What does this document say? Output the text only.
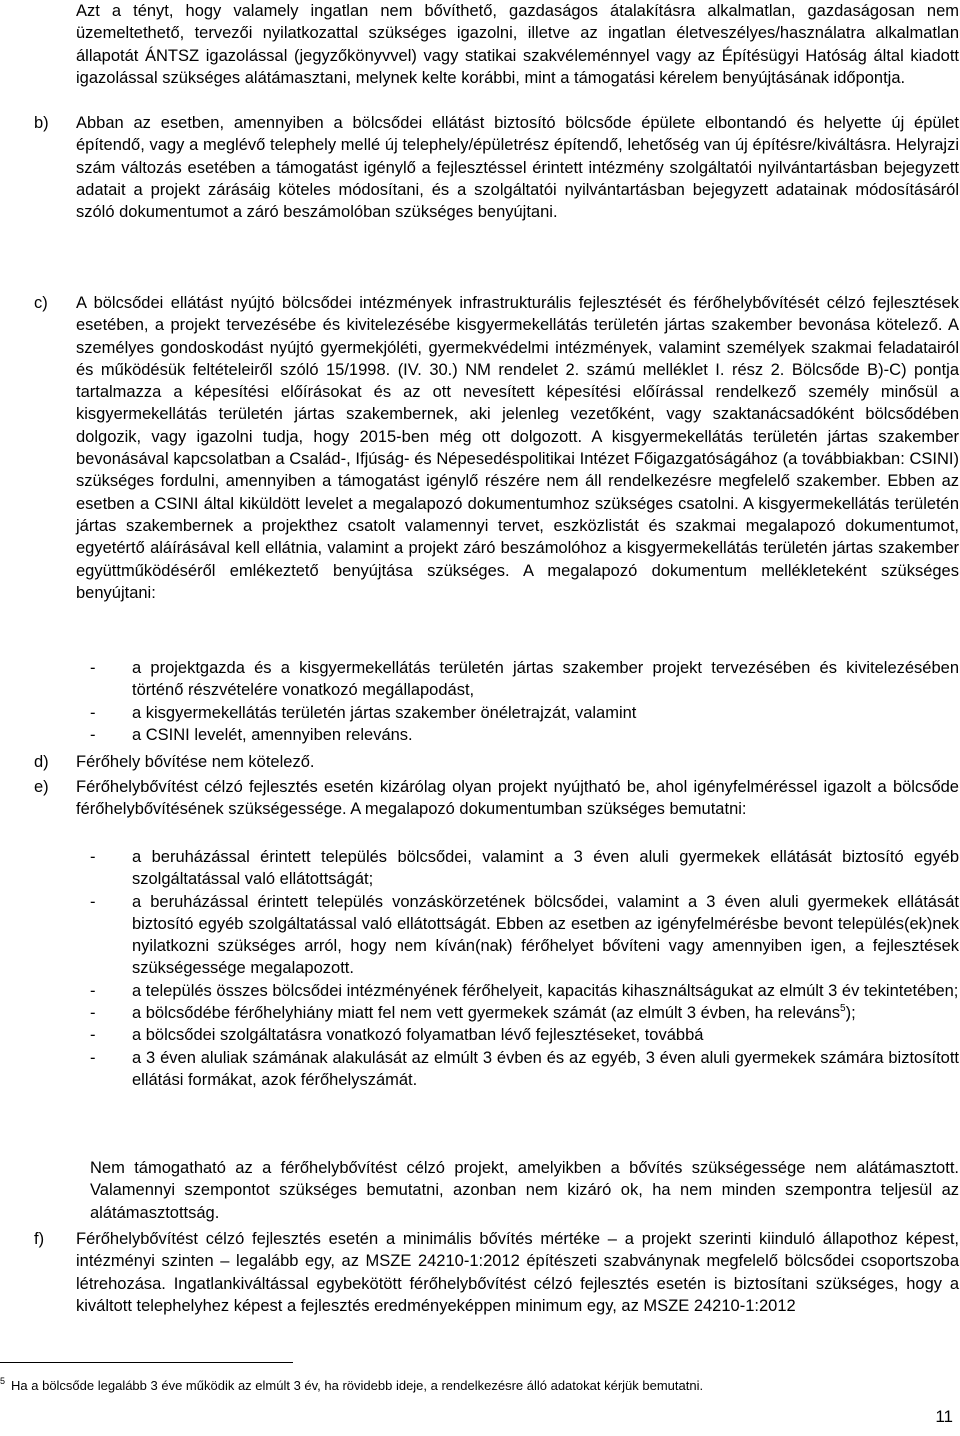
Azt a tényt, hogy valamely ingatlan nem bővíthető, gazdaságos átalakításra alkalmatlan, gazdaságosan nem üzemeltethető, tervezői nyilatkozattal szükséges igazolni, illetve az ingatlan életveszélyes/használatra alkalmatlan állapotát ÁNTSZ igazolással (jegyzőkönyvvel) vagy statikai szakvéleménnyel vagy az Építésügyi Hatóság által kiadott igazolással szükséges alátámasztani, melynek kelte korábbi, mint a támogatási kérelem benyújtásának időpontja.
b)	Abban az esetben, amennyiben a bölcsődei ellátást biztosító bölcsőde épülete elbontandó és helyette új épület építendő, vagy a meglévő telephely mellé új telephely/épületrész építendő, lehetőség van új építésre/kiváltásra. Helyrajzi szám változás esetében a támogatást igénylő a fejlesztéssel érintett intézmény szolgáltatói nyilvántartásban bejegyzett adatait a projekt zárásáig köteles módosítani, és a szolgáltatói nyilvántartásban bejegyzett adatainak módosításáról szóló dokumentumot a záró beszámolóban szükséges benyújtani.
c)	A bölcsődei ellátást nyújtó bölcsődei intézmények infrastrukturális fejlesztését és férőhelybővítését célzó fejlesztések esetében, a projekt tervezésébe és kivitelezésébe kisgyermekellátás területén jártas szakember bevonása kötelező. A személyes gondoskodást nyújtó gyermekjóléti, gyermekvédelmi intézmények, valamint személyek szakmai feladatairól és működésük feltételeiről szóló 15/1998. (IV. 30.) NM rendelet 2. számú melléklet I. rész 2. Bölcsőde B)-C) pontja tartalmazza a képesítési előírásokat és az ott nevesített képesítési előírással rendelkező személy minősül a kisgyermekellátás területén jártas szakembernek, aki jelenleg vezetőként, vagy szaktanácsadóként bölcsődében dolgozik, vagy igazolni tudja, hogy 2015-ben még ott dolgozott. A kisgyermekellátás területén jártas szakember bevonásával kapcsolatban a Család-, Ifjúság- és Népesedéspolitikai Intézet Főigazgatóságához (a továbbiakban: CSINI) szükséges fordulni, amennyiben a támogatást igénylő részére nem áll rendelkezésre megfelelő szakember. Ebben az esetben a CSINI által kiküldött levelet a megalapozó dokumentumhoz szükséges csatolni. A kisgyermekellátás területén jártas szakembernek a projekthez csatolt valamennyi tervet, eszközlistát és szakmai megalapozó dokumentumot, egyetértő aláírásával kell ellátnia, valamint a projekt záró beszámolóhoz a kisgyermekellátás területén jártas szakember együttműködéséről emlékeztető benyújtása szükséges. A megalapozó dokumentum mellékleteként szükséges benyújtani:
- a projektgazda és a kisgyermekellátás területén jártas szakember projekt tervezésében és kivitelezésében történő részvételére vonatkozó megállapodást,
- a kisgyermekellátás területén jártas szakember önéletrajzát, valamint
- a CSINI levelét, amennyiben releváns.
d)	Férőhely bővítése nem kötelező.
e)	Férőhelybővítést célzó fejlesztés esetén kizárólag olyan projekt nyújtható be, ahol igényfelméréssel igazolt a bölcsőde férőhelybővítésének szükségessége. A megalapozó dokumentumban szükséges bemutatni:
- a beruházással érintett település bölcsődei, valamint a 3 éven aluli gyermekek ellátását biztosító egyéb szolgáltatással való ellátottságát;
- a beruházással érintett település vonzáskörzetének bölcsődei, valamint a 3 éven aluli gyermekek ellátását biztosító egyéb szolgáltatással való ellátottságát. Ebben az esetben az igényfelmérésbe bevont település(ek)nek nyilatkozni szükséges arról, hogy nem kíván(nak) férőhelyet bővíteni vagy amennyiben igen, a fejlesztések szükségessége megalapozott.
- a település összes bölcsődei intézményének férőhelyeit, kapacitás kihasználtságukat az elmúlt 3 év tekintetében;
- a bölcsődébe férőhelyhiány miatt fel nem vett gyermekek számát (az elmúlt 3 évben, ha releváns$^5$);
- a bölcsődei szolgáltatásra vonatkozó folyamatban lévő fejlesztéseket, továbbá
- a 3 éven aluliak számának alakulását az elmúlt 3 évben és az egyéb, 3 éven aluli gyermekek számára biztosított ellátási formákat, azok férőhelyszámát.
Nem támogatható az a férőhelybővítést célzó projekt, amelyikben a bővítés szükségessége nem alátámasztott. Valamennyi szempontot szükséges bemutatni, azonban nem kizáró ok, ha nem minden szempontra teljesül az alátámasztottság.
f)	Férőhelybővítést célzó fejlesztés esetén a minimális bővítés mértéke – a projekt szerinti kiinduló állapothoz képest, intézményi szinten – legalább egy, az MSZE 24210-1:2012 építészeti szabványnak megfelelő bölcsődei csoportszoba létrehozása. Ingatlankiváltással egybekötött férőhelybővítést célzó fejlesztés esetén is biztosítani szükséges, hogy a kiváltott telephelyhez képest a fejlesztés eredményeképpen minimum egy, az MSZE 24210-1:2012
$^5$ Ha a bölcsőde legalább 3 éve működik az elmúlt 3 év, ha rövidebb ideje, a rendelkezésre álló adatokat kérjük bemutatni.
11
